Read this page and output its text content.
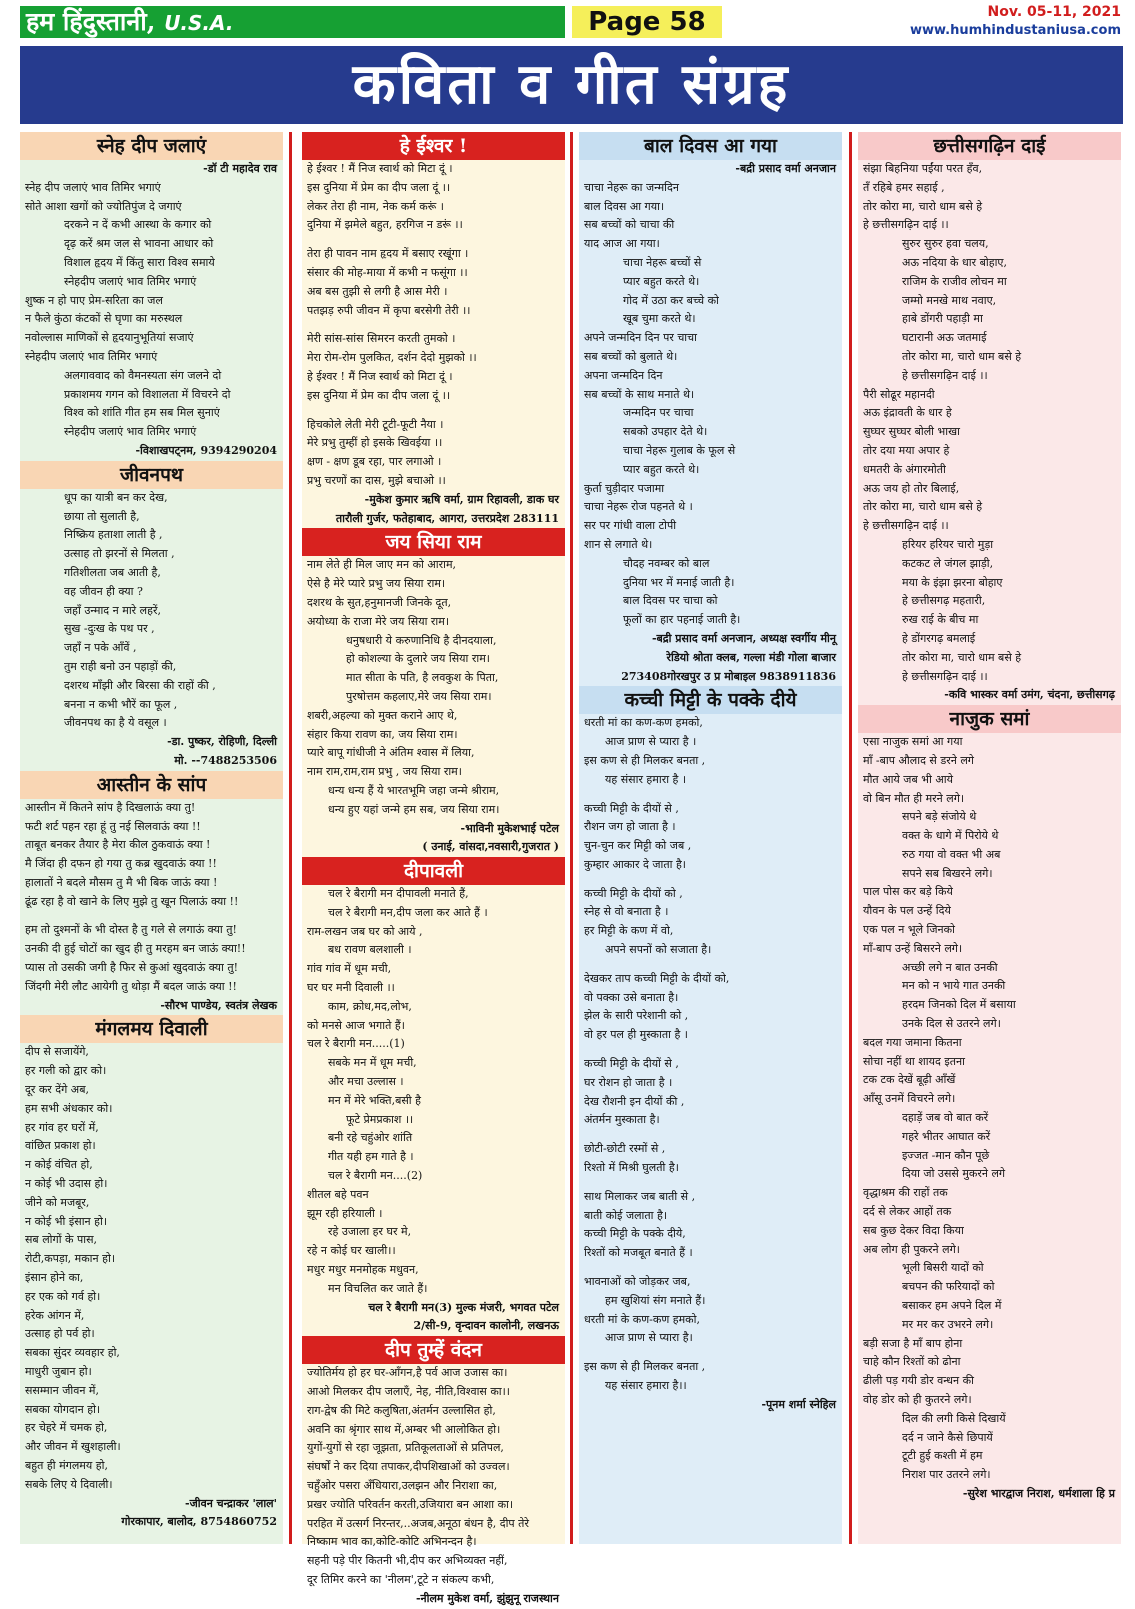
हम हिंदुस्तानी, U.S.A.	Page 58	Nov. 05-11, 2021
www.humhindustaniusa.com
कविता व गीत संग्रह
स्नेह दीप जलाएं

-डॉ टी महादेव राव

स्नेह दीप जलाएं भाव तिमिर भगाएं

सोते आशा खगों को ज्योतिपुंज दे जगाएं

दरकने न दें कभी आस्था के कगार को

दृढ़ करें श्रम जल से भावना आधार को

विशाल हृदय में किंतु सारा विश्व समाये

स्नेहदीप जलाएं भाव तिमिर भगाएं

शुष्क न हो पाए प्रेम-सरिता का जल

न फैले कुंठा कंटकों से घृणा का मरुस्थल

नवोल्लास माणिकों से हृदयानुभूतियां सजाएं

स्नेहदीप जलाएं भाव तिमिर भगाएं

अलगाववाद को वैमनस्यता संग जलने दो

प्रकाशमय गगन को विशालता में विचरने दो

विश्व को शांति गीत हम सब मिल सुनाएं

स्नेहदीप जलाएं भाव तिमिर भगाएं

-विशाखपट्नम, 9394290204

जीवनपथ

धूप का यात्री बन कर देख,

छाया तो सुलाती है,

निष्क्रिय हताशा लाती है ,

उत्साह तो झरनों से मिलता ,

गतिशीलता जब आती है,

वह जीवन ही क्या ?

जहाँ उन्माद न मारे लहरें,

सुख -दुःख के पथ पर ,

जहाँ न पके आँवें ,

तुम राही बनो उन पहाड़ों की,

दशरथ माँझी और बिरसा की राहों की ,

बनना न कभी भौरें का फूल ,

जीवनपथ का है ये वसूल ।

-डा. पुष्कर, रोहिणी, दिल्ली

मो. --7488253506

आस्तीन के सांप

आस्तीन में कितने सांप है दिखलाऊं क्या तु!

फटी शर्ट पहन रहा हूं तु नई सिलवाऊं क्या !!

ताबूत बनकर तैयार है मेरा कील ठुकवाऊं क्या !

मै जिंदा ही दफन हो गया तु कब्र खुदवाऊं क्या !!

हालातों ने बदले मौसम तु मै भी बिक जाऊं क्या !

ढूंढ रहा है वो खाने के लिए मुझे तु खून पिलाऊं क्या !!

हम तो दुश्मनों के भी दोस्त है तु गले से लगाऊं क्या तु!

उनकी दी हुई चोटों का खुद ही तु मरहम बन जाऊं क्या!!

प्यास तो उसकी जगी है फिर से कुआं खुदवाऊं क्या तु!

जिंदगी मेरी लौट आयेगी तु थोड़ा मैं बदल जाऊं क्या !!

-सौरभ पाण्डेय, स्वतंत्र लेखक

मंगलमय दिवाली

दीप से सजायेंगे,

हर गली को द्वार को।

दूर कर देंगे अब,

हम सभी अंधकार को।

हर गांव हर घरों में,

वांछित प्रकाश हो।

न कोई वंचित हो,

न कोई भी उदास हो।

जीने को मजबूर,

न कोई भी इंसान हो।

सब लोगों के पास,

रोटी,कपड़ा, मकान हो।

इंसान होने का,

हर एक को गर्व हो।

हरेक आंगन में,

उत्साह हो पर्व हो।

सबका सुंदर व्यवहार हो,

माधुरी जुबान हो।

ससम्मान जीवन में,

सबका योगदान हो।

हर चेहरे में चमक हो,

और जीवन में खुशहाली।

बहुत ही मंगलमय हो,

सबके लिए ये दिवाली।

-जीवन चन्द्राकर 'लाल'

गोरकापार, बालोद, 8754860752

हे ईश्वर !

हे ईश्वर ! मैं निज स्वार्थ को मिटा दूं ।

इस दुनिया में प्रेम का दीप जला दूं ।।

लेकर तेरा ही नाम, नेक कर्म करूं ।

दुनिया में झमेले बहुत, हरगिज न डरूं ।।

तेरा ही पावन नाम हृदय में बसाए रखूंगा ।

संसार की मोह-माया में कभी न फसूंगा ।।

अब बस तुझी से लगी है आस मेरी ।

पतझड़ रुपी जीवन में कृपा बरसेगी तेरी ।।

मेरी सांस-सांस सिमरन करती तुमको ।

मेरा रोम-रोम पुलकित, दर्शन देदो मुझको ।।

हे ईश्वर ! मैं निज स्वार्थ को मिटा दूं ।

इस दुनिया में प्रेम का दीप जला दूं ।।

हिचकोले लेती मेरी टूटी-फूटी नैया ।

मेरे प्रभु तुम्हीं हो इसके खिवईया ।।

क्षण - क्षण डूब रहा, पार लगाओ ।

प्रभु चरणों का दास, मुझे बचाओ ।।

-मुकेश कुमार ऋषि वर्मा, ग्राम रिहावली, डाक घर

तारौली गुर्जर, फतेहाबाद, आगरा, उत्तरप्रदेश 283111

जय सिया राम

नाम लेते ही मिल जाए मन को आराम,

ऐसे है मेरे प्यारे प्रभु जय सिया राम।

दशरथ के सुत,हनुमानजी जिनके दूत,

अयोध्या के राजा मेरे जय सिया राम।

धनुषधारी ये करुणानिधि है दीनदयाला,

हो कोशल्या के दुलारे जय सिया राम।

मात सीता के पति, है लवकुश के पिता,

पुरषोत्तम कहलाए,मेरे जय सिया राम।

शबरी,अहल्या को मुक्त कराने आए थे,

संहार किया रावण का, जय सिया राम।

प्यारे बापू गांधीजी ने अंतिम श्वास में लिया,

नाम राम,राम,राम प्रभु , जय सिया राम।

धन्य धन्य हैं ये भारतभूमि जहा जन्मे श्रीराम,

धन्य हुए यहां जन्मे हम सब, जय सिया राम।

-भाविनी मुकेशभाई पटेल

( उनाई, वांसदा,नवसारी,गुजरात )

दीपावली

चल रे बैरागी मन दीपावली मनाते हैं,

चल रे बैरागी मन,दीप जला कर आते हैं ।

राम-लखन जब घर को आये ,

बध रावण बलशाली ।

गांव गांव में धूम मची,

घर घर मनी दिवाली ।।

काम, क्रोध,मद,लोभ,

को मनसे आज भगाते हैं।

चल रे बैरागी मन.....(1)

सबके मन में धूम मची,

और मचा उल्लास ।

मन में मेरे भक्ति,बसी है

फूटे प्रेमप्रकाश ।।

बनी रहे चहुंओर शांति

गीत यही हम गाते है ।

चल रे बैरागी मन....(2)

शीतल बहे पवन

झूम रही हरियाली ।

रहे उजाला हर घर मे,

रहे न कोई घर खाली।।

मधुर मधुर मनमोहक मधुवन,

मन विचलित कर जाते हैं।

चल रे बैरागी मन(3) मुल्क मंजरी, भगवत पटेल

2/सी-9, वृन्दावन कालोनी, लखनऊ

दीप तुम्हें वंदन

ज्योतिर्मय हो हर घर-आँगन,है पर्व आज उजास का।

आओ मिलकर दीप जलाएँ, नेह, नीति,विश्वास का।।

राग-द्वेष की मिटे कलुषिता,अंतर्मन उल्लासित हो,

अवनि का श्रृंगार साथ में,अम्बर भी आलोकित हो।

युगों-युगों से रहा जूझता, प्रतिकूलताओं से प्रतिपल,

संघर्षों ने कर दिया तपाकर,दीपशिखाओं को उज्वल।

चहुँओर पसरा अँधियारा,उलझन और निराशा का,

प्रखर ज्योति परिवर्तन करती,उजियारा बन आशा का।

परहित में उत्सर्ग निरन्तर,..अजब,अनूठा बंधन है, दीप तेरे

निष्काम भाव का,कोटि-कोटि अभिनन्दन है।

सहनी पड़े पीर कितनी भी,दीप कर अभिव्यक्त नहीं,

दूर तिमिर करने का 'नीलम',टूटे न संकल्प कभी,

-नीलम मुकेश वर्मा, झुंझुनू राजस्थान

बाल दिवस आ गया

-बद्री प्रसाद वर्मा अनजान

चाचा नेहरू का जन्मदिन

बाल दिवस आ गया।

सब बच्चों को चाचा की

याद आज आ गया।

चाचा नेहरू बच्चों से

प्यार बहुत करते थे।

गोद में उठा कर बच्चे को

खूब चुमा करते थे।

अपने जन्मदिन दिन पर चाचा

सब बच्चों को बुलाते थे।

अपना जन्मदिन दिन

सब बच्चों के साथ मनाते थे।

जन्मदिन पर चाचा

सबको उपहार देते थे।

चाचा नेहरू गुलाब के फूल से

प्यार बहुत करते थे।

कुर्ता चुड़ीदार पजामा

चाचा नेहरू रोज पहनते थे ।

सर पर गांधी वाला टोपी

शान से लगाते थे।

चौदह नवम्बर को बाल

दुनिया भर में मनाई जाती है।

बाल दिवस पर चाचा को

फूलों का हार पहनाई जाती है।

-बद्री प्रसाद वर्मा अनजान, अध्यक्ष स्वर्गीय मीनू

रेडियो श्रोता क्लब, गल्ला मंडी गोला बाजार

273408गोरखपुर उ प्र मोबाइल 9838911836

कच्ची मिट्टी के पक्के दीये

धरती मां का कण-कण हमको,

आज प्राण से प्यारा है ।

इस कण से ही मिलकर बनता ,

यह संसार हमारा है ।

कच्ची मिट्टी के दीयों से ,

रौशन जग हो जाता है ।

चुन-चुन कर मिट्टी को जब ,

कुम्हार आकार दे जाता है।

कच्ची मिट्टी के दीयों को ,

स्नेह से वो बनाता है ।

हर मिट्टी के कण में वो,

अपने सपनों को सजाता है।

देखकर ताप कच्ची मिट्टी के दीयों को,

वो पक्का उसे बनाता है।

झेल के सारी परेशानी को ,

वो हर पल ही मुस्काता है ।

कच्ची मिट्टी के दीयों से ,

घर रोशन हो जाता है ।

देख रौशनी इन दीयों की ,

अंतर्मन मुस्काता है।

छोटी-छोटी रस्मों से ,

रिश्तो में मिश्री घुलती है।

साथ मिलाकर जब बाती से ,

बाती कोई जलाता है।

कच्ची मिट्टी के पक्के दीये,

रिश्तों को मजबूत बनाते हैं ।

भावनाओं को जोड़कर जब,

हम खुशियां संग मनाते हैं।

धरती मां के कण-कण हमको,

आज प्राण से प्यारा है।

इस कण से ही मिलकर बनता ,

यह संसार हमारा है।।

-पूनम शर्मा स्नेहिल

छत्तीसगढ़िन दाई

संझा बिहनिया पईंया परत हँव,

तँ रहिबे हमर सहाई ,

तोर कोरा मा, चारो धाम बसे हे

हे छत्तीसगढ़िन दाई ।।

सुरुर सुरुर हवा चलय,

अऊ नदिया के धार बोहाए,

राजिम के राजीव लोचन मा

जम्मो मनखे माथ नवाए,

हाबे डोंगरी पहाड़ी मा

घटारानी अऊ जतमाई

तोर कोरा मा, चारो धाम बसे हे

हे छत्तीसगढ़िन दाई ।।

पैरी सोढूर महानदी

अऊ इंद्रावती के धार हे

सुघ्घर सुघ्घर बोली भाखा

तोर दया मया अपार हे

धमतरी के अंगारमोती

अऊ जय हो तोर बिलाई,

तोर कोरा मा, चारो धाम बसे हे

हे छत्तीसगढ़िन दाई ।।

हरियर हरियर चारो मुड़ा

कटकट ले जंगल झाड़ी,

मया के इंझा झरना बोहाए

हे छत्तीसगढ़ महतारी,

रुख राई के बीच मा

हे डोंगरगढ़ बमलाई

तोर कोरा मा, चारो धाम बसे हे

हे छत्तीसगढ़िन दाई ।।

-कवि भास्कर वर्मा उमंग, चंदना, छत्तीसगढ़

नाजुक समां

एसा नाजुक समां आ गया

माँ -बाप औलाद से डरने लगे

मौत आये जब भी आये

वो बिन मौत ही मरने लगे।

सपने बड़े संजोये थे

वक्त के धागे में पिरोये थे

रुठ गया वो वक्त भी अब

सपने सब बिखरने लगे।

पाल पोस कर बड़े किये

यौवन के पल उन्हें दिये

एक पल न भूले जिनको

माँ-बाप उन्हें बिसरने लगे।

अच्छी लगे न बात उनकी

मन को न भाये गात उनकी

हरदम जिनको दिल में बसाया

उनके दिल से उतरने लगे।

बदल गया जमाना कितना

सोचा नहीं था शायद इतना

टक टक देखें बूढ़ी आँखें

आँसू उनमें विचरने लगे।

दहाड़ें जब वो बात करें

गहरे भीतर आघात करें

इज्जत -मान कौन पूछे

दिया जो उससे मुकरने लगे

वृद्धाश्रम की राहों तक

दर्द से लेकर आहों तक

सब कुछ देकर विदा किया

अब लोग ही पुकरने लगे।

भूली बिसरी यादों को

बचपन की फरियादों को

बसाकर हम अपने दिल में

मर मर कर उभरने लगे।

बड़ी सजा है माँ बाप होना

चाहे कौन रिश्तों को ढोना

ढीली पड़ गयी डोर वन्धन की

वोह डोर को ही कुतरने लगे।

दिल की लगी किसे दिखायें

दर्द न जाने कैसे छिपायें

टूटी हुई कश्ती में हम

निराश पार उतरने लगे।

-सुरेश भारद्वाज निराश, धर्मशाला हि प्र
